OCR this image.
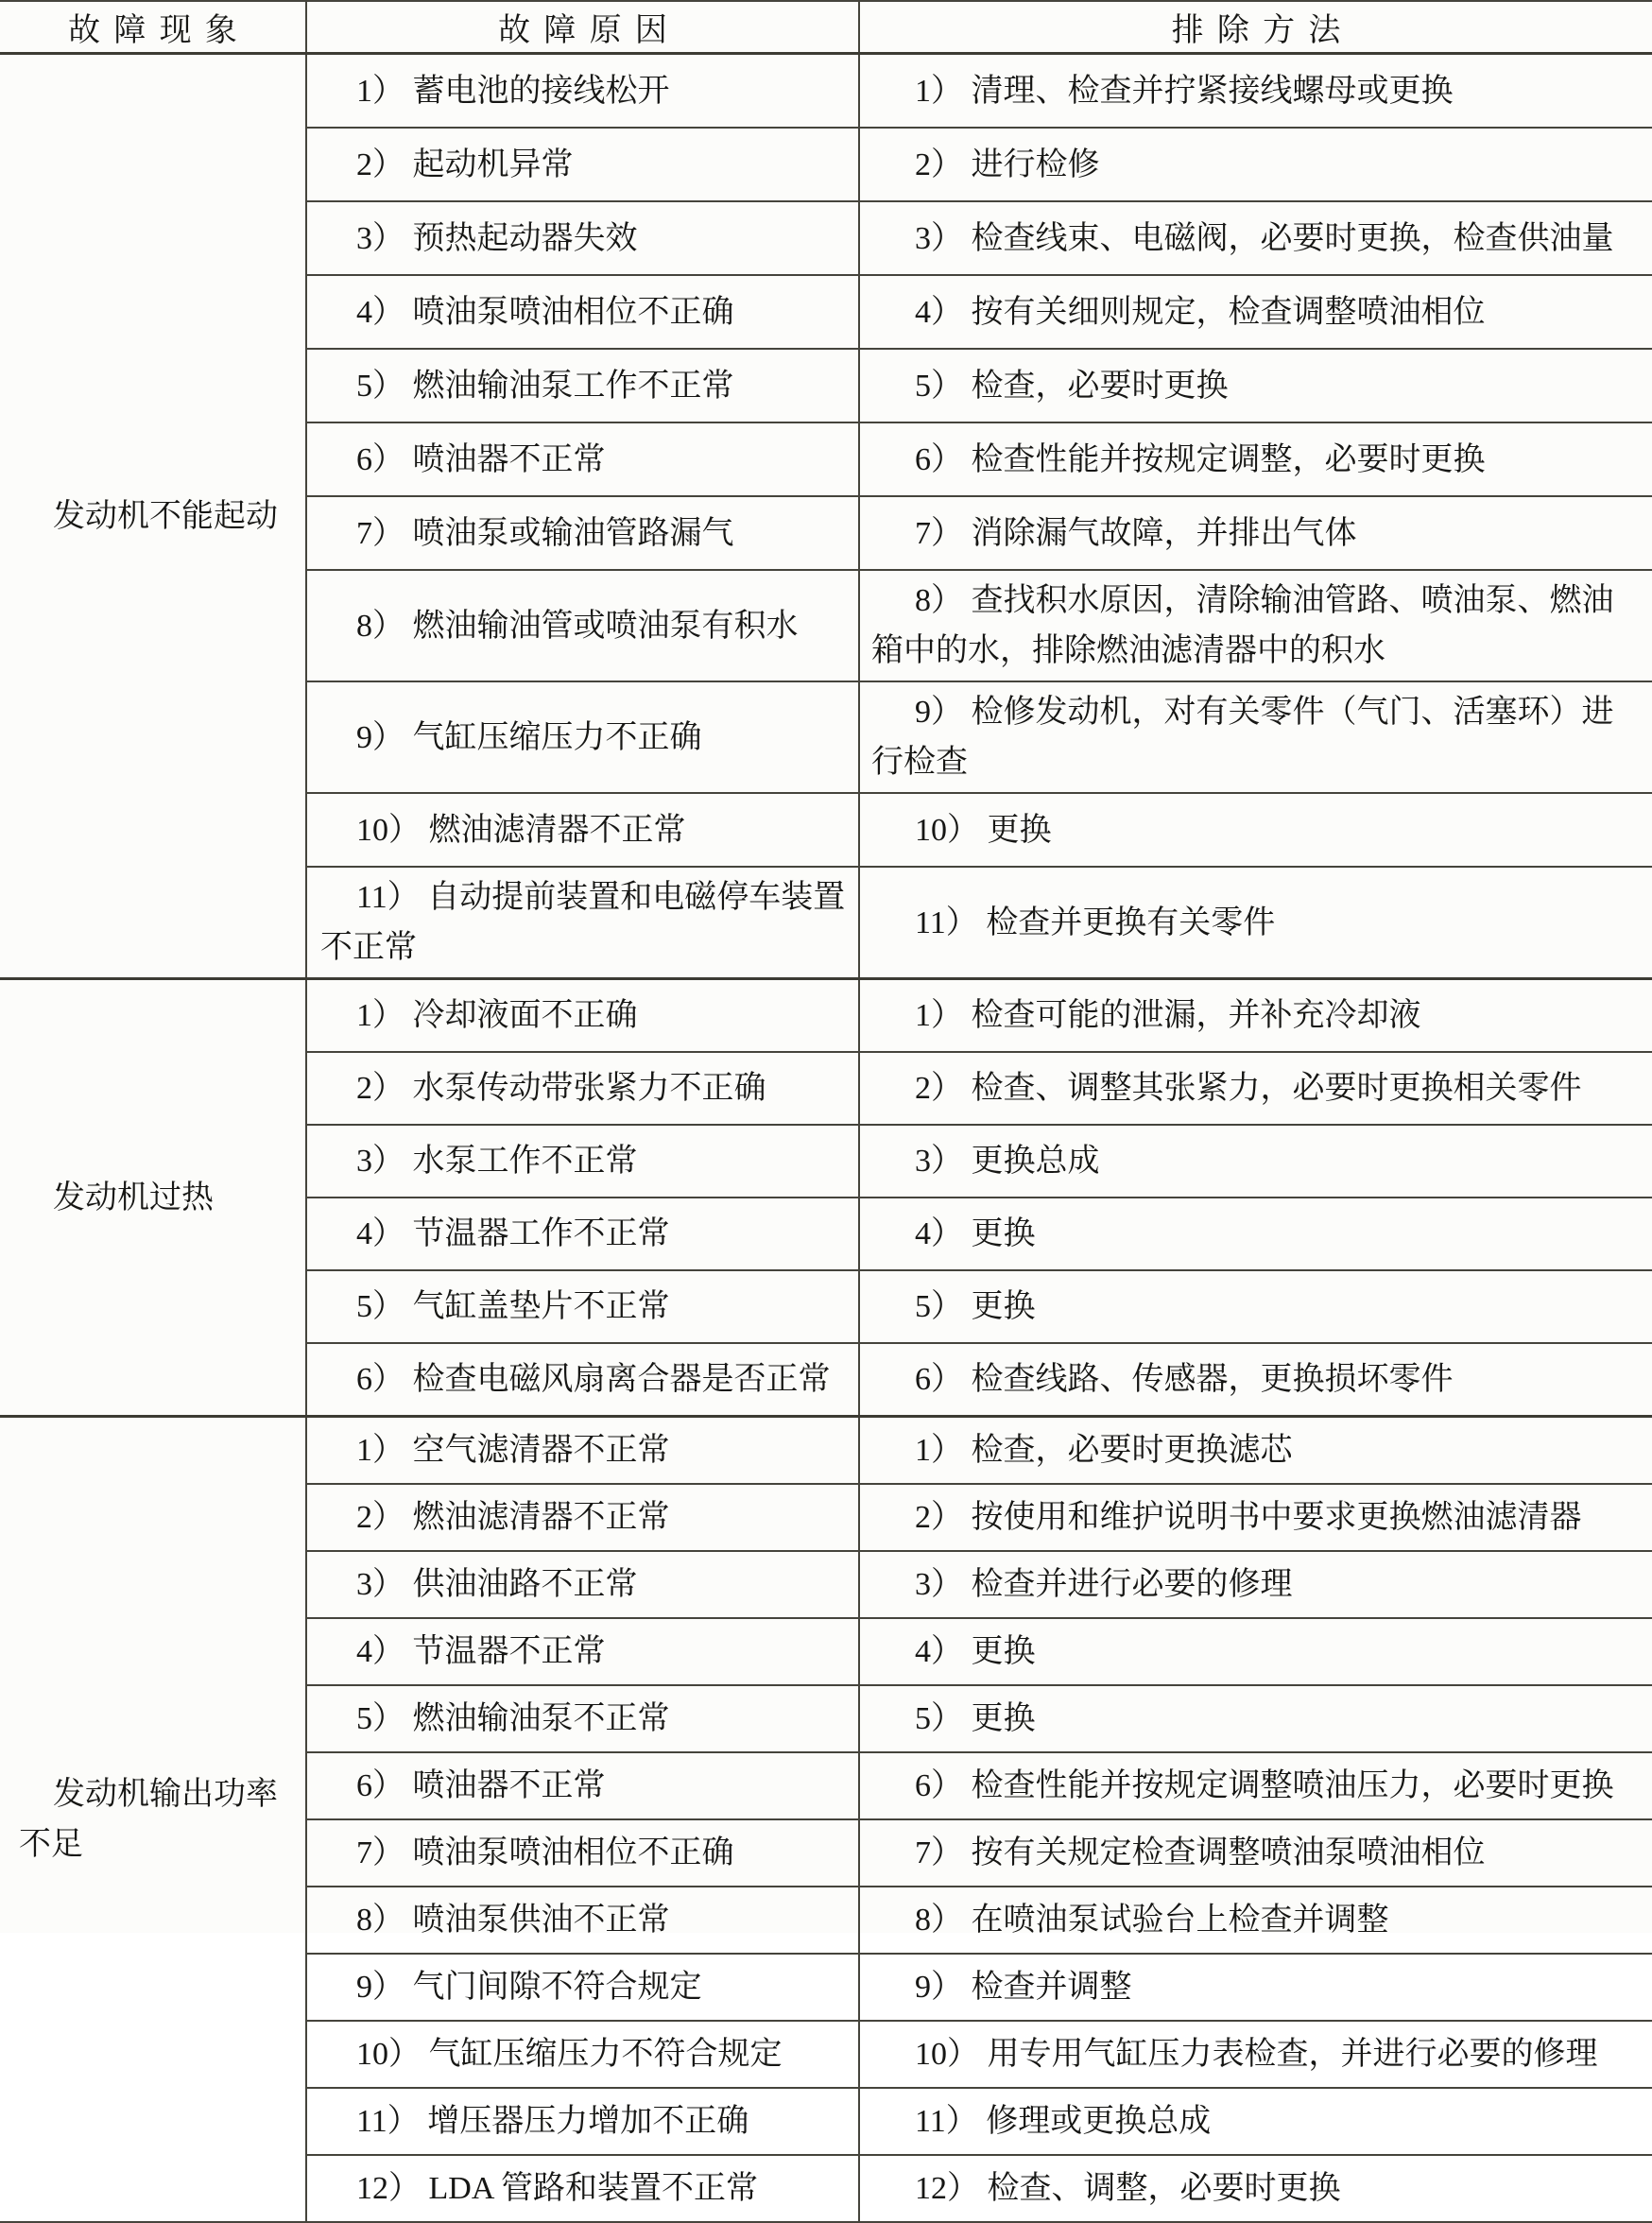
故障现象	故障原因	排除方法
发动机不能起动	1） 蓄电池的接线松开	1） 清理、检查并拧紧接线螺母或更换
	2） 起动机异常	2） 进行检修
	3） 预热起动器失效	3） 检查线束、电磁阀，必要时更换，检查供油量
	4） 喷油泵喷油相位不正确	4） 按有关细则规定，检查调整喷油相位
	5） 燃油输油泵工作不正常	5） 检查，必要时更换
	6） 喷油器不正常	6） 检查性能并按规定调整，必要时更换
	7） 喷油泵或输油管路漏气	7） 消除漏气故障，并排出气体
	8） 燃油输油管或喷油泵有积水	8） 查找积水原因，清除输油管路、喷油泵、燃油箱中的水，排除燃油滤清器中的积水
	9） 气缸压缩压力不正确	9） 检修发动机，对有关零件（气门、活塞环）进行检查
	10） 燃油滤清器不正常	10） 更换
	11） 自动提前装置和电磁停车装置不正常	11） 检查并更换有关零件
发动机过热	1） 冷却液面不正确	1） 检查可能的泄漏，并补充冷却液
	2） 水泵传动带张紧力不正确	2） 检查、调整其张紧力，必要时更换相关零件
	3） 水泵工作不正常	3） 更换总成
	4） 节温器工作不正常	4） 更换
	5） 气缸盖垫片不正常	5） 更换
	6） 检查电磁风扇离合器是否正常	6） 检查线路、传感器，更换损坏零件
发动机输出功率不足	1） 空气滤清器不正常	1） 检查，必要时更换滤芯
	2） 燃油滤清器不正常	2） 按使用和维护说明书中要求更换燃油滤清器
	3） 供油油路不正常	3） 检查并进行必要的修理
	4） 节温器不正常	4） 更换
	5） 燃油输油泵不正常	5） 更换
	6） 喷油器不正常	6） 检查性能并按规定调整喷油压力，必要时更换
	7） 喷油泵喷油相位不正确	7） 按有关规定检查调整喷油泵喷油相位
	8） 喷油泵供油不正常	8） 在喷油泵试验台上检查并调整
	9） 气门间隙不符合规定	9） 检查并调整
	10） 气缸压缩压力不符合规定	10） 用专用气缸压力表检查，并进行必要的修理
	11） 增压器压力增加不正确	11） 修理或更换总成
	12） LDA 管路和装置不正常	12） 检查、调整，必要时更换
